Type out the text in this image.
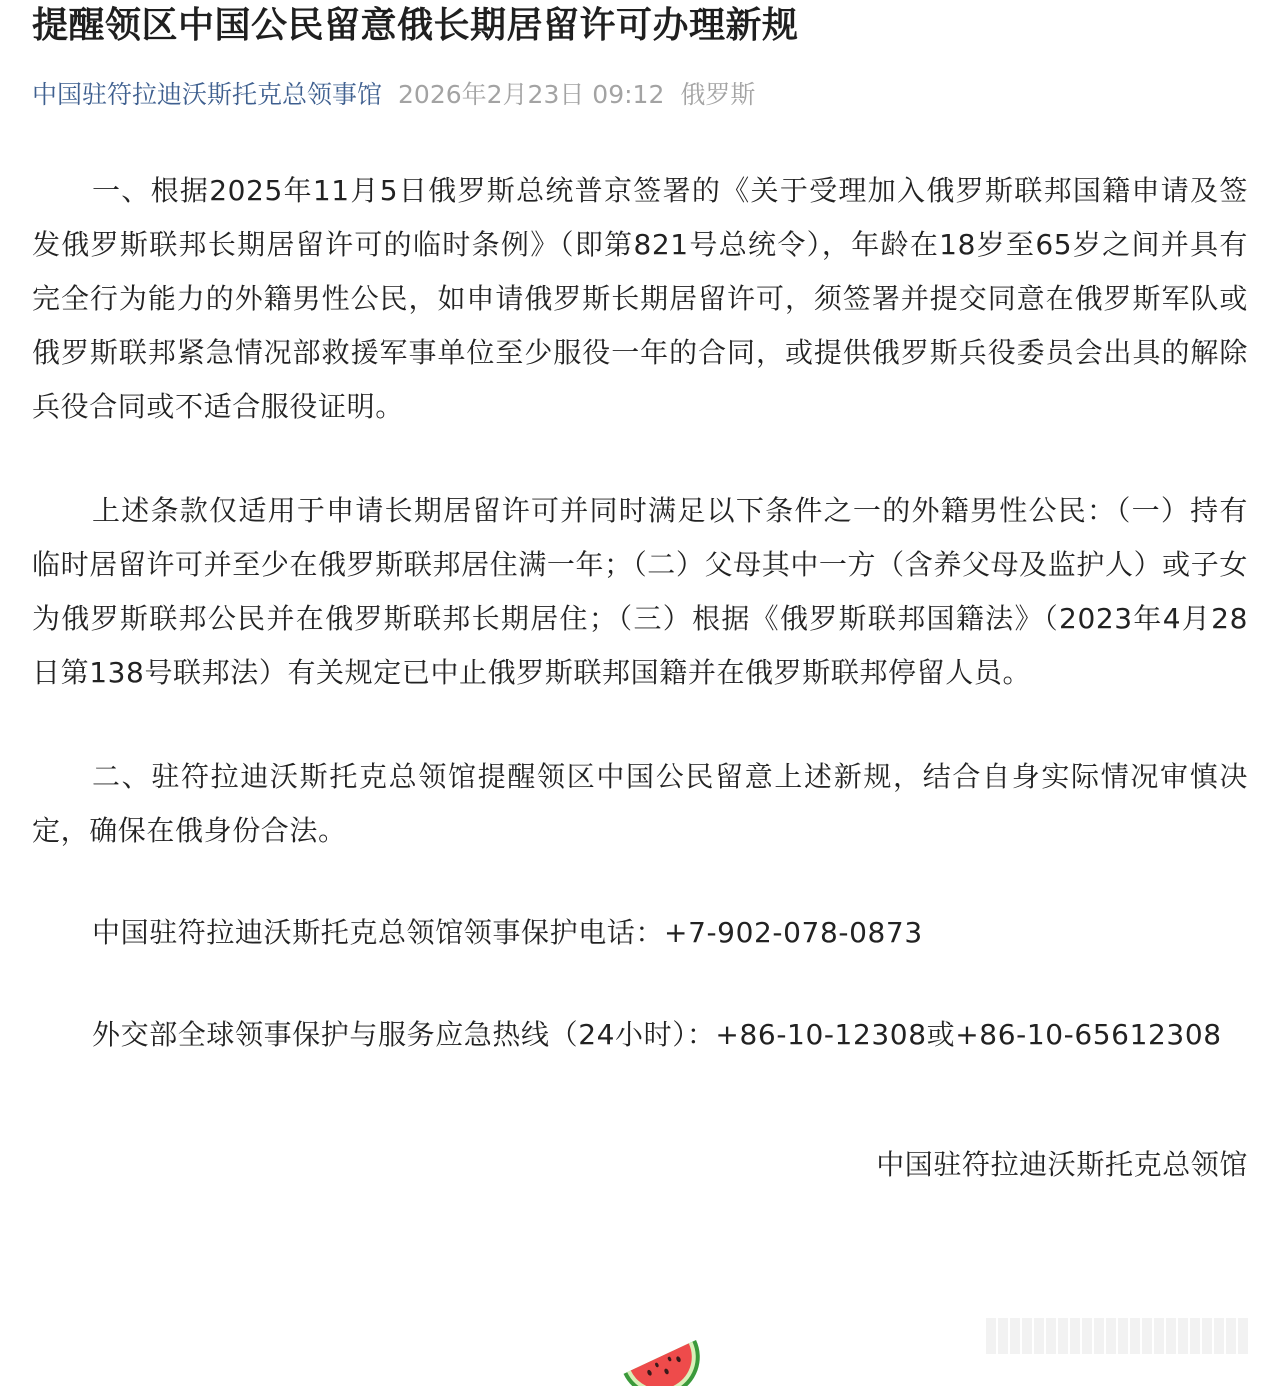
提醒领区中国公民留意俄长期居留许可办理新规
中国驻符拉迪沃斯托克总领事馆 2026年2月23日 09:12 俄罗斯

一、根据2025年11月5日俄罗斯总统普京签署的《关于受理加入俄罗斯联邦国籍申请及签发俄罗斯联邦长期居留许可的临时条例》（即第821号总统令），年龄在18岁至65岁之间并具有完全行为能力的外籍男性公民，如申请俄罗斯长期居留许可，须签署并提交同意在俄罗斯军队或俄罗斯联邦紧急情况部救援军事单位至少服役一年的合同，或提供俄罗斯兵役委员会出具的解除兵役合同或不适合服役证明。

上述条款仅适用于申请长期居留许可并同时满足以下条件之一的外籍男性公民：（一）持有临时居留许可并至少在俄罗斯联邦居住满一年；（二）父母其中一方（含养父母及监护人）或子女为俄罗斯联邦公民并在俄罗斯联邦长期居住；（三）根据《俄罗斯联邦国籍法》（2023年4月28日第138号联邦法）有关规定已中止俄罗斯联邦国籍并在俄罗斯联邦停留人员。

二、驻符拉迪沃斯托克总领馆提醒领区中国公民留意上述新规，结合自身实际情况审慎决定，确保在俄身份合法。

中国驻符拉迪沃斯托克总领馆领事保护电话：+7-902-078-0873

外交部全球领事保护与服务应急热线（24小时）：+86-10-12308或+86-10-65612308

中国驻符拉迪沃斯托克总领馆
